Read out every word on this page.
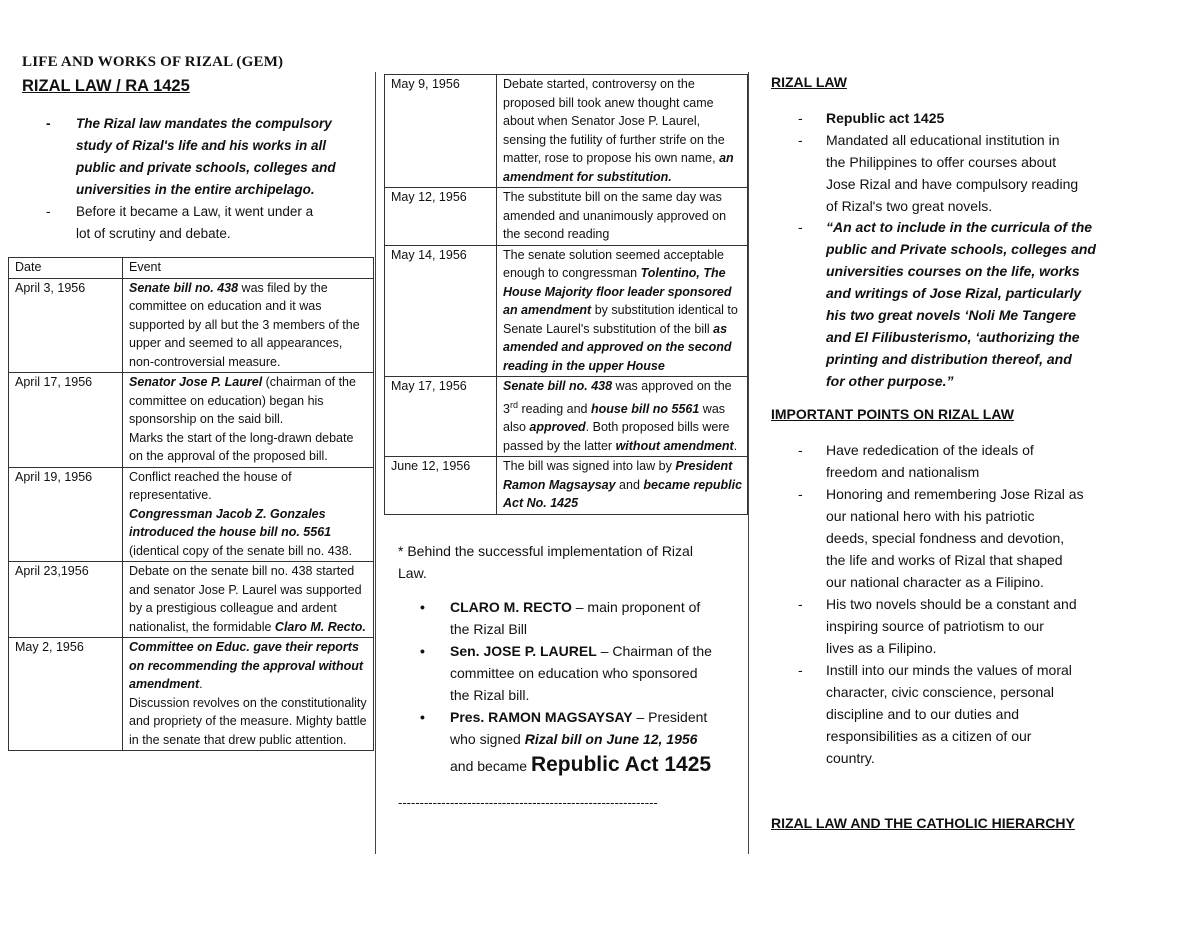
LIFE AND WORKS OF RIZAL (GEM)
RIZAL LAW / RA 1425
- The Rizal law mandates the compulsory
study of Rizal's life and his works in all
public and private schools, colleges and
universities in the entire archipelago.
- Before it became a Law, it went under a
lot of scrutiny and debate.
Date	Event
April 3, 1956	Senate bill no. 438 was filed by the committee on education and it was supported by all but the 3 members of the upper and seemed to all appearances, non-controversial measure.
April 17, 1956	Senator Jose P. Laurel (chairman of the committee on education) began his sponsorship on the said bill.
Marks the start of the long-drawn debate on the approval of the proposed bill.
April 19, 1956	Conflict reached the house of representative.
Congressman Jacob Z. Gonzales introduced the house bill no. 5561
(identical copy of the senate bill no. 438.
April 23,1956	Debate on the senate bill no. 438 started and senator Jose P. Laurel was supported by a prestigious colleague and ardent nationalist, the formidable Claro M. Recto.
May 2, 1956	Committee on Educ. gave their reports on recommending the approval without amendment.
Discussion revolves on the constitutionality and propriety of the measure. Mighty battle in the senate that drew public attention.
May 9, 1956	Debate started, controversy on the proposed bill took anew thought came about when Senator Jose P. Laurel, sensing the futility of further strife on the matter, rose to propose his own name, an amendment for substitution.
May 12, 1956	The substitute bill on the same day was amended and unanimously approved on the second reading
May 14, 1956	The senate solution seemed acceptable enough to congressman Tolentino, The House Majority floor leader sponsored an amendment by substitution identical to Senate Laurel's substitution of the bill as amended and approved on the second reading in the upper House
May 17, 1956	Senate bill no. 438 was approved on the 3rd reading and house bill no 5561 was also approved. Both proposed bills were passed by the latter without amendment.
June 12, 1956	The bill was signed into law by President Ramon Magsaysay and became republic Act No. 1425
* Behind the successful implementation of Rizal
Law.
• CLARO M. RECTO – main proponent of
the Rizal Bill
• Sen. JOSE P. LAUREL – Chairman of the
committee on education who sponsored
the Rizal bill.
• Pres. RAMON MAGSAYSAY – President
who signed Rizal bill on June 12, 1956
and became Republic Act 1425
------------------------------------------------------------
RIZAL LAW
- Republic act 1425
- Mandated all educational institution in
the Philippines to offer courses about
Jose Rizal and have compulsory reading
of Rizal's two great novels.
- “An act to include in the curricula of the
public and Private schools, colleges and
universities courses on the life, works
and writings of Jose Rizal, particularly
his two great novels ‘Noli Me Tangere
and El Filibusterismo, ‘authorizing the
printing and distribution thereof, and
for other purpose.”
IMPORTANT POINTS ON RIZAL LAW
- Have rededication of the ideals of
freedom and nationalism
- Honoring and remembering Jose Rizal as
our national hero with his patriotic
deeds, special fondness and devotion,
the life and works of Rizal that shaped
our national character as a Filipino.
- His two novels should be a constant and
inspiring source of patriotism to our
lives as a Filipino.
- Instill into our minds the values of moral
character, civic conscience, personal
discipline and to our duties and
responsibilities as a citizen of our
country.
RIZAL LAW AND THE CATHOLIC HIERARCHY
